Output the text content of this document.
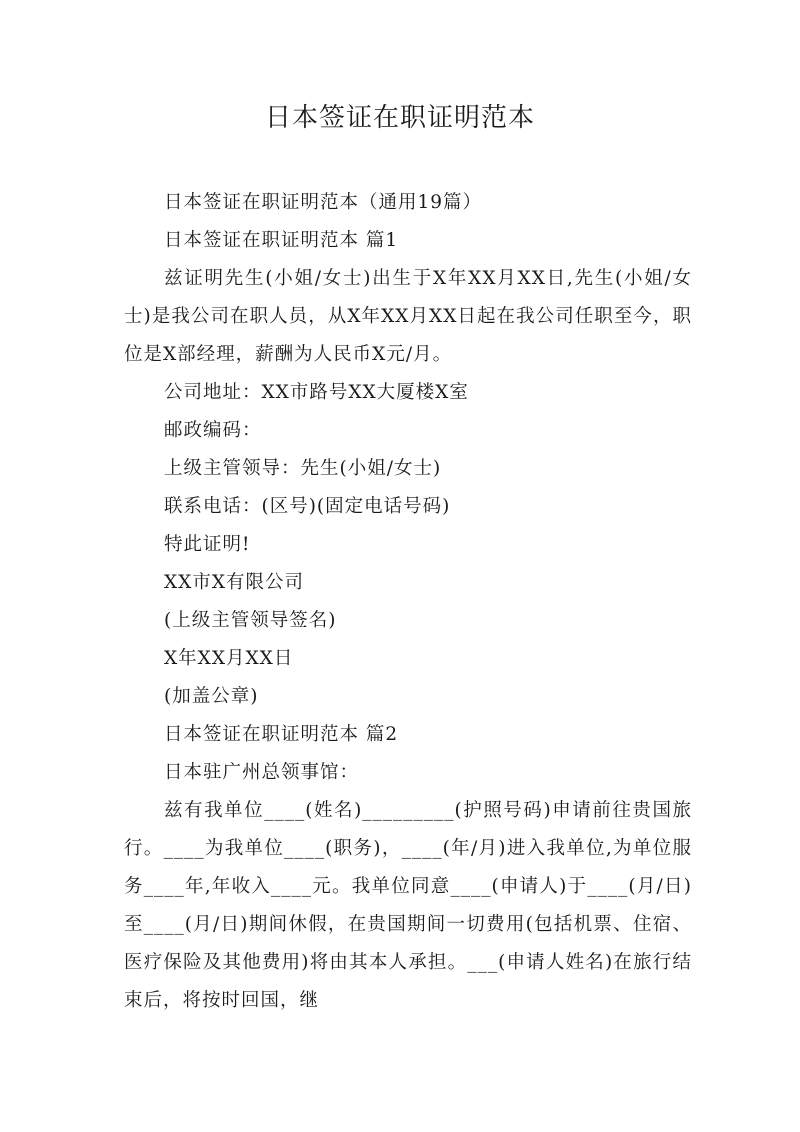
日本签证在职证明范本

日本签证在职证明范本（通用19篇）

日本签证在职证明范本 篇1

兹证明先生(小姐/女士)出生于X年XX月XX日,先生(小姐/女士)是我公司在职人员，从X年XX月XX日起在我公司任职至今，职位是X部经理，薪酬为人民币X元/月。

公司地址：XX市路号XX大厦楼X室

邮政编码：

上级主管领导：先生(小姐/女士)

联系电话：(区号)(固定电话号码)

特此证明!

XX市X有限公司

(上级主管领导签名)

X年XX月XX日

(加盖公章)

日本签证在职证明范本 篇2

日本驻广州总领事馆：

兹有我单位____(姓名)_________(护照号码)申请前往贵国旅行。____为我单位____(职务)，____(年/月)进入我单位,为单位服务____年,年收入____元。我单位同意____(申请人)于____(月/日)至____(月/日)期间休假，在贵国期间一切费用(包括机票、住宿、医疗保险及其他费用)将由其本人承担。___(申请人姓名)在旅行结束后，将按时回国，继
